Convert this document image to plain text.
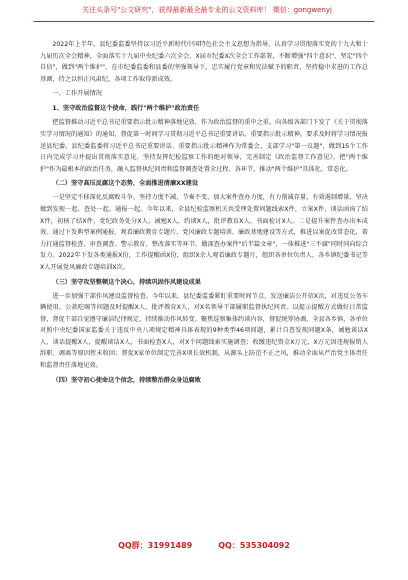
关注头条号"公文研究"，获得最新最全最专业的公文资料库！ 微信：gongwenyj

2022年上半年，县纪委监委坚持以习近平新时代中国特色社会主义思想为指导，认真学习贯彻落实党的十九大和十九届历次全会精神，全面落实十九届中央纪委六次全会、X届市纪委X次全会工作部署，不断增强"四个意识"，坚定"四个自信"，做到"两个维护"，在市纪委监委和县委的坚强领导下，忠实履行党章和宪法赋予的职责，坚持稳中求进的工作总基调，持之以恒正风肃纪，各项工作取得新成效。

一、工作开展情况

1、坚守政治监督这个使命，践行"两个维护"政治责任

把监督推动习近平总书记重要指示批示精神落地见效，作为政治监督的重中之重。向各级各部门下发了《关于贯彻落实学习情况的通知》的通知，督促第一时间学习贯彻习近平总书记重要讲话、重要指示批示精神，要求及时将学习情况报送县纪委。县纪委监委将习近平总书记重要讲话、重要指示批示精神作为常委会、支部学习"第一议题"，做到15个工作日内完成学习并提出贯彻落实意见。坚持发挥纪检监察工作的绝对领导，完善制定《政治监督工作意见》，把"两个维护"作为最根本的政治任务，融入监督执纪问责和监督调查处置全过程、各环节，推动"两个维护"具体化、常态化。

（二）坚守高压反腐这个态势，全面推进清廉XX建设

一是坚定不移深化反腐败斗争。坚持力度不减、节奏不变，加大案件查办力度，有力削减存量，有效遏制增量，坚决做到发现一起、查处一起、通报一起。今年以来，全县纪检监察机关共受理处置问题线索X件，立案X件，谈话函询了结X件，初核了结X件，党纪政务处分X人，诫勉X人，约谈X人，批评教育X人，书面检讨X人。二是提升案件查办出本成效。通过下发典型案例通报、观看廉政教育专题片、党风廉政专题培训、廉政基地建设等方式，推进以案促改常态化，着力打通监督检查、审查调查、警示教育、整改落实等环节。做深查办案件"后半篇文章"，一体推进"三不腐"同时同向综合发力。2022年下发各类通报X份，工作提醒函X份，组织X余人观看廉政专题片，组织各单位负责人、各乡镇纪委书记等X人开展党风廉政专题培训X次。

（三）坚守攻坚整顿这个决心，持续巩固作风建设成果

进一步加强干部作风建设监督检查。今年以来，县纪委监委紧盯重要时间节点，发送廉洁公开信X次，对违反公务车辆使用、公款吃喝等问题及时提醒X人、批评教育X人，对X名领导干部履职监督执纪问责。以提示提醒方式做好日常监督，督促干部自觉遵守廉洁纪律规定，持续推动作风转变。聚焦巡察集体约谈内容，督促统筹协调，全县各乡镇、各单位对照中央纪委国家监委关于违反中央八项规定精神具体表现的9种类型46项问题，累计自查发现问题X条，诫勉谈话X人，谈话提醒X人，提醒谈话X人，书面检查X人，对X个问题线索实施调查；收缴违纪资金X万元，X万元因违规报销人辞职、调离等原因暂未收回；督促X家单位制定完善X项长效机制，从源头上防范不正之风，推动全面从严治党主体责任和监督责任落地见效。

（四）坚守初心使命这个信念，持续整治群众身边腐败

QQ群：31991489	QQ：535304092
